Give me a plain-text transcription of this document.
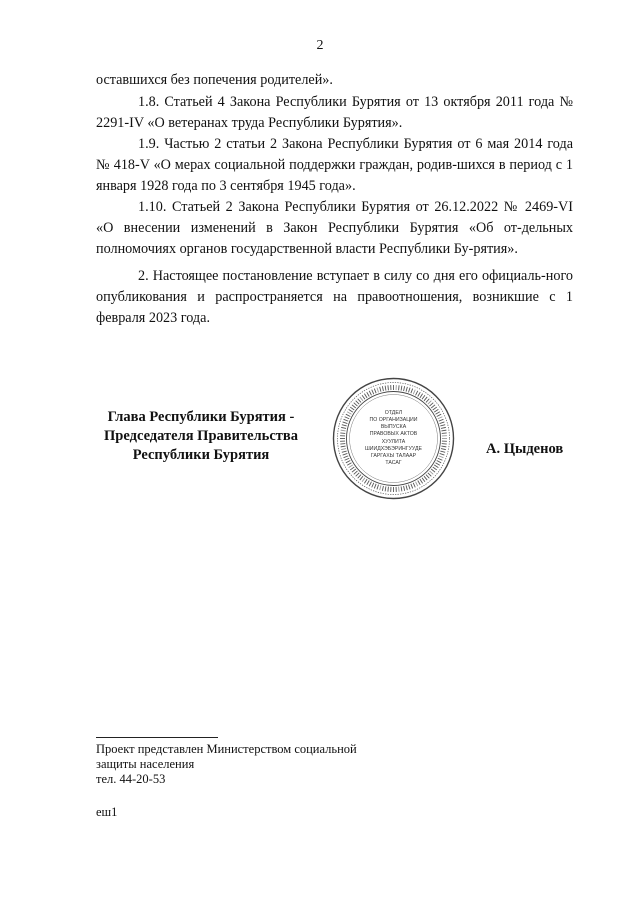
2

оставшихся без попечения родителей».

1.8. Статьей 4 Закона Республики Бурятия от 13 октября 2011 года № 2291-IV «О ветеранах труда Республики Бурятия».

1.9. Частью 2 статьи 2 Закона Республики Бурятия от 6 мая 2014 года № 418-V «О мерах социальной поддержки граждан, родив-шихся в период с 1 января 1928 года по 3 сентября 1945 года».

1.10. Статьей 2 Закона Республики Бурятия от 26.12.2022 № 2469-VI «О внесении изменений в Закон Республики Бурятия «Об от-дельных полномочиях органов государственной власти Республики Бу-рятия».

2. Настоящее постановление вступает в силу со дня его официаль-ного опубликования и распространяется на правоотношения, возникшие с 1 февраля 2023 года.

Глава Республики Бурятия -
Председателя Правительства
Республики Бурятия
ОТДЕЛ
ПО ОРГАНИЗАЦИИ
ВЫПУСКА
ПРАВОВЫХ АКТОВ
ХУУЛИТА
ШИИДХЭБЭРИНГУУДЕ
ГАРГАХЫ ТАЛААР
ТАСАГ
А. Цыденов
Проект представлен Министерством социальной
защиты населения
тел. 44-20-53
еш1
